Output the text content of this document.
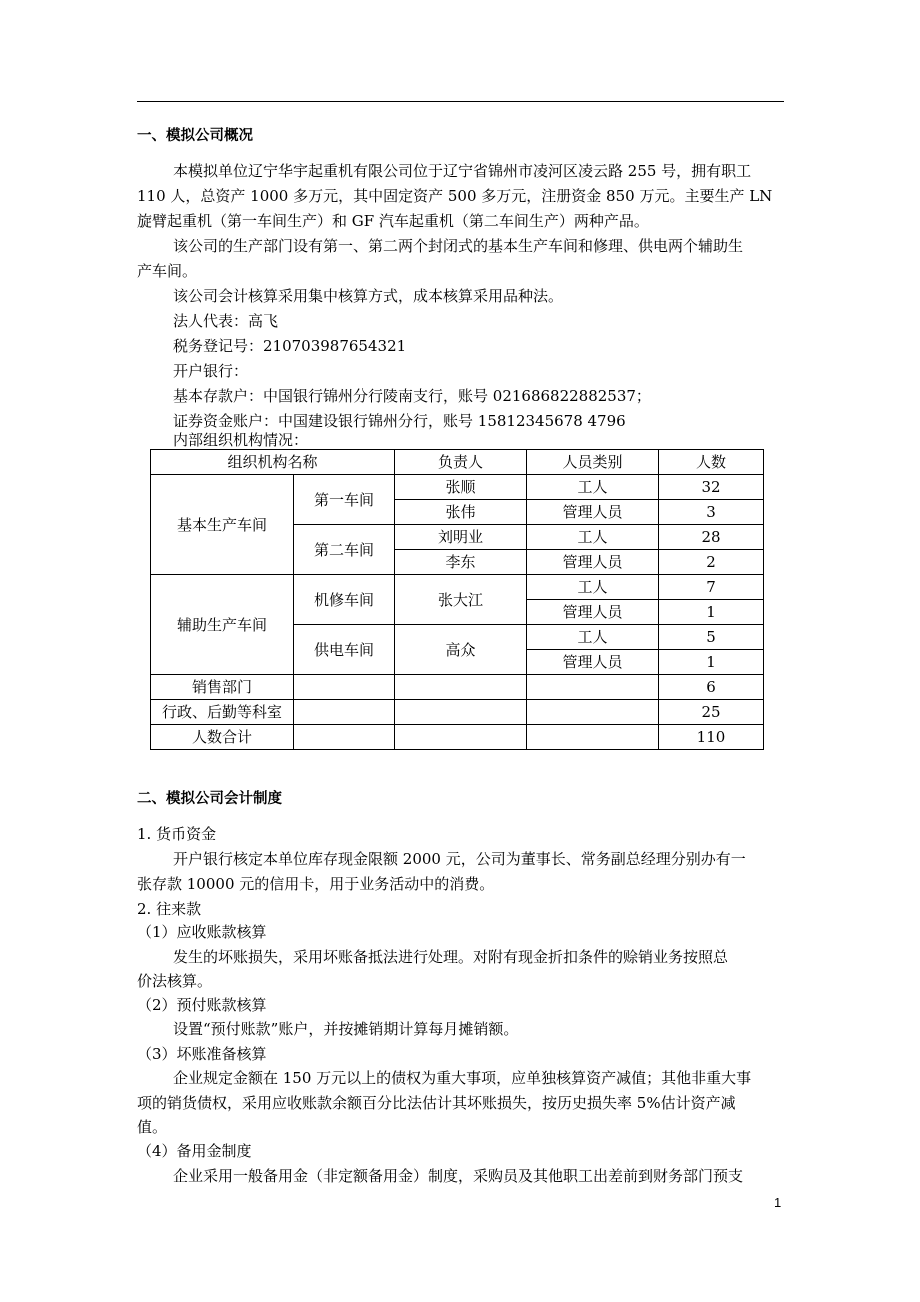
一、模拟公司概况
本模拟单位辽宁华宇起重机有限公司位于辽宁省锦州市凌河区凌云路 255 号，拥有职工
110 人，总资产 1000 多万元，其中固定资产 500 多万元，注册资金 850 万元。主要生产 LN
旋臂起重机（第一车间生产）和 GF 汽车起重机（第二车间生产）两种产品。
该公司的生产部门设有第一、第二两个封闭式的基本生产车间和修理、供电两个辅助生
产车间。
该公司会计核算采用集中核算方式，成本核算采用品种法。
法人代表：高飞
税务登记号：210703987654321
开户银行：
基本存款户：中国银行锦州分行陵南支行，账号 021686822882537；
证券资金账户：中国建设银行锦州分行，账号 15812345678 4796
内部组织机构情况：
组织机构名称		负责人	人员类别	人数
基本生产车间	第一车间	张顺	工人	32
		张伟	管理人员	3
	第二车间	刘明业	工人	28
		李东	管理人员	2
辅助生产车间	机修车间	张大江	工人	7
			管理人员	1
	供电车间	高众	工人	5
			管理人员	1
销售部门				6
行政、后勤等科室				25
人数合计				110
二、模拟公司会计制度
1. 货币资金
开户银行核定本单位库存现金限额 2000 元，公司为董事长、常务副总经理分别办有一
张存款 10000 元的信用卡，用于业务活动中的消费。
2. 往来款
（1）应收账款核算
发生的坏账损失，采用坏账备抵法进行处理。对附有现金折扣条件的赊销业务按照总
价法核算。
（2）预付账款核算
设置“预付账款”账户，并按摊销期计算每月摊销额。
（3）坏账准备核算
企业规定金额在 150 万元以上的债权为重大事项，应单独核算资产减值；其他非重大事
项的销货债权，采用应收账款余额百分比法估计其坏账损失，按历史损失率 5%估计资产减
值。
（4）备用金制度
企业采用一般备用金（非定额备用金）制度，采购员及其他职工出差前到财务部门预支
1
